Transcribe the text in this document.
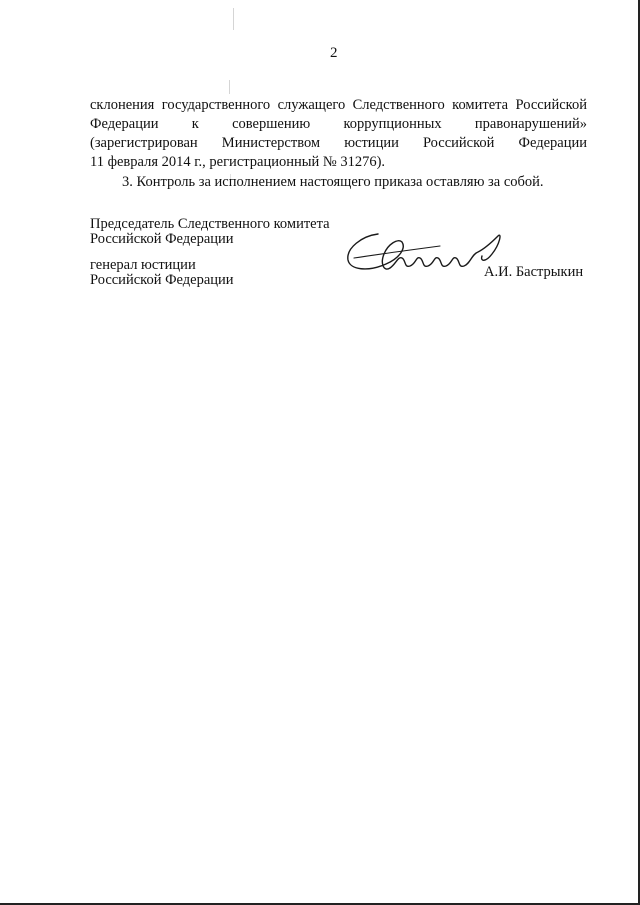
2
склонения государственного служащего Следственного комитета Российской
Федерации к совершению коррупционных правонарушений»
(зарегистрирован Министерством юстиции Российской Федерации
11 февраля 2014 г., регистрационный № 31276).
3. Контроль за исполнением настоящего приказа оставляю за собой.
Председатель Следственного комитета
Российской Федерации
генерал юстиции
Российской Федерации	А.И. Бастрыкин
